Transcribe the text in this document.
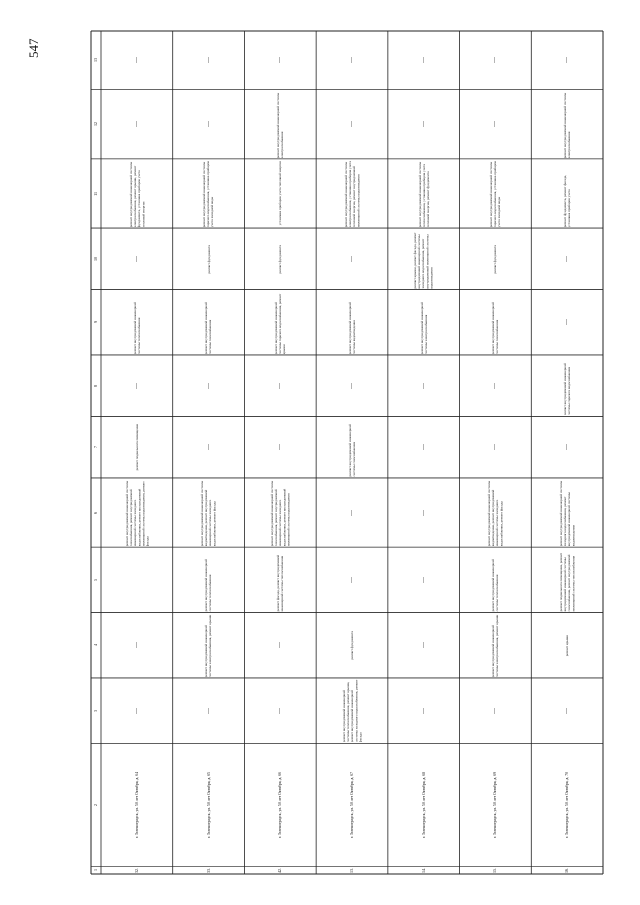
547
1
2
3
4
5
6
7
8
9
10
11
12
13
32.
г. Зеленоградск, ул. 50 лет Октября, д. 64
—
—
ремонт внутридомовой инженерной системы газоснабжения, ремонт внутридомовой инженерной системы холодного водоснабжения, ремонт внутридомовой инженерной системы водоотведения, ремонт фасада
ремонт подвального помещения
—
ремонт внутридомовой инженерной системы теплоснабжения
—
ремонт внутридомовой инженерной системы электроснабжения, ремонт крыши, ремонт фундамента, установка приборов учета тепловой энергии
—
—
33.
г. Зеленоградск, ул. 50 лет Октября, д. 65
—
ремонт внутридомовой инженерной системы электроснабжения, ремонт крыши
ремонт внутридомовой инженерной системы теплоснабжения
ремонт внутридомовой инженерной системы водоотведения, ремонт внутридомовой инженерной системы холодного водоснабжения, ремонт фасада
—
—
ремонт внутридомовой инженерной системы газоснабжения
ремонт фундамента
ремонт внутридомовой инженерной системы горячего водоснабжения, установка приборов учета холодной воды
—
—
42.
г. Зеленоградск, ул. 50 лет Октября, д. 66
—
—
ремонт фасада, ремонт внутридомовой инженерной системы теплоснабжения
ремонт внутридомовой инженерной системы газоснабжения, ремонт внутридомовой инженерной системы холодного водоснабжения, ремонт внутридомовой инженерной системы водоотведения
—
—
ремонт внутридомовой инженерной системы горячего водоснабжения, ремонт крыши
ремонт фундамента
установка приборов учета тепловой энергии
ремонт внутридомовой инженерной системы электроснабжения
—
13.
г. Зеленоградск, ул. 50 лет Октября, д. 67
ремонт внутридомовой инженерной системы теплоснабжения, ремонт крыши, ремонт внутридомовой инженерной системы холодного водоснабжения, ремонт фасада
ремонт фундамента
—
—
ремонт внутридомовой инженерной системы газоснабжения
—
ремонт внутридомовой инженерной системы водоотведения
—
ремонт внутридомовой инженерной системы электроснабжения, установка приборов учета тепловой энергии, ремонт внутридомовой инженерной системы водоотведения
—
—
14.
г. Зеленоградск, ул. 50 лет Октября, д. 68
—
—
—
—
—
—
ремонт внутридомовой инженерной системы электроснабжения
ремонт крыши, ремонт фасада, ремонт внутридомовой инженерной системы холодного водоснабжения, ремонт внутридомовой инженерной системы водоотведения
ремонт внутридомовой инженерной системы теплоснабжения, установка приборов учета тепловой энергии, ремонт фундамента
—
—
15.
г. Зеленоградск, ул. 50 лет Октября, д. 69
—
ремонт внутридомовой инженерной системы электроснабжения, ремонт крыши
ремонт внутридомовой инженерной системы теплоснабжения
ремонт внутридомовой инженерной системы водоотведения, ремонт внутридомовой инженерной системы холодного водоснабжения, ремонт фасада
—
—
ремонт внутридомовой инженерной системы газоснабжения
ремонт фундамента
ремонт внутридомовой инженерной системы горячего водоснабжения, установка приборов учета холодной воды
—
—
16.
г. Зеленоградск, ул. 50 лет Октября, д. 70
—
ремонт крыши
ремонт подвального помещения, ремонт внутридомовой инженерной системы газоснабжения, ремонт внутридомовой инженерной системы теплоснабжения
ремонт внутридомовой инженерной системы холодного водоснабжения, ремонт внутридомовой инженерной системы водоотведения
—
ремонт внутридомовой инженерной системы горячего водоснабжения
—
—
ремонт фундамента, ремонт фасада, установка приборов учета
ремонт внутридомовой инженерной системы электроснабжения
—
